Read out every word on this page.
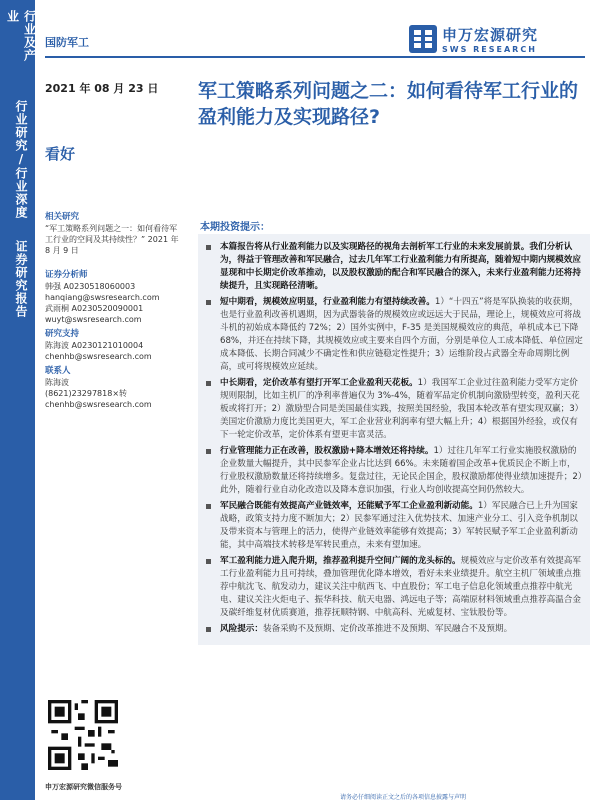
行业及产业
行业研究/
行业深度
证券研究报告
国防军工	申万宏源研究
SWS RESEARCH
2021 年 08 月 23 日 军工策略系列问题之二：如何看待军工行业的盈利能力及实现路径?
看好
相关研究
“军工策略系列问题之一：如何看待军工行业的空间及其持续性？” 2021 年 8 月 9 日
证券分析师
韩强 A0230518060003
hanqiang@swsresearch.com
武雨桐 A0230520090001
wuyt@swsresearch.com
研究支持
陈海波 A0230121010004
chenhb@swsresearch.com
联系人
陈海波
(8621)23297818×转
chenhb@swsresearch.com
申万宏源研究微信服务号
请务必仔细阅读正文之后的各项信息披露与声明
本期投资提示：
本篇报告将从行业盈利能力以及实现路径的视角去剖析军工行业的未来发展前景。我们分析认为，得益于管理改善和军民融合，过去几年军工行业盈利能力有所提高，随着短中期内规模效应显现和中长期定价改革推动，以及股权激励的配合和军民融合的深入，未来行业盈利能力还将持续提升，且实现路径清晰。
短中期看，规模效应明显，行业盈利能力有望持续改善。1）“十四五”将是军队换装的收获期，也是行业盈利改善机遇期，因为武器装备的规模效应或远远大于民品，理论上，规模效应可将战斗机的初始成本降低约 72%；2）国外实例中，F-35 是美国规模效应的典范，单机成本已下降 68%，并还在持续下降，其规模效应或主要来自四个方面，分别是单位人工成本降低、单位固定成本降低、长期合同减少不确定性和供应链稳定性提升；3）运维阶段占武器全寿命周期比例高，或可将规模效应延续。
中长期看，定价改革有望打开军工企业盈利天花板。1）我国军工企业过往盈利能力受军方定价规则限制，比如主机厂的净利率普遍仅为 3%-4%，随着军品定价机制向激励型转变，盈利天花板或将打开；2）激励型合同是美国最佳实践，按照美国经验，我国本轮改革有望实现双赢；3）美国定价激励力度比美国更大，军工企业营业利润率有望大幅上升；4）根据国外经验，或仅有下一轮定价改革，定价体系有望更丰富灵活。
行业管理能力正在改善，股权激励+降本增效还将持续。1）过往几年军工行业实施股权激励的企业数量大幅提升，其中民参军企业占比达到 66%。未来随着国企改革+优质民企不断上市，行业股权激励数量还将持续增多。复盘过往，无论民企国企，股权激励都使得业绩加速提升；2）此外，随着行业自动化改造以及降本意识加强，行业人均创收提高空间仍然较大。
军民融合既能有效提高产业链效率，还能赋予军工企业盈利新动能。1）军民融合已上升为国家战略，政策支持力度不断加大；2）民参军通过注入优势技术、加速产业分工、引入竞争机制以及带来资本与管理上的活力，使得产业链效率能够有效提高；3）军转民赋予军工企业盈利新动能，其中高端技术转移是军转民重点，未来有望加速。
军工盈利能力进入爬升期，推荐盈利提升空间广阔的龙头标的。规模效应与定价改革有效提高军工行业盈利能力且可持续，叠加管理优化降本增效，看好未来业绩提升。航空主机厂领域重点推荐中航沈飞、航发动力，建议关注中航西飞、中直股份；军工电子信息化领域重点推荐中航光电、建议关注火炬电子、振华科技、航天电器、鸿远电子等；高端原材料领域重点推荐高温合金及碳纤维复材优质赛道，推荐抚顺特钢、中航高科、光威复材、宝钛股份等。
风险提示：装备采购不及预期、定价改革推进不及预期、军民融合不及预期。
